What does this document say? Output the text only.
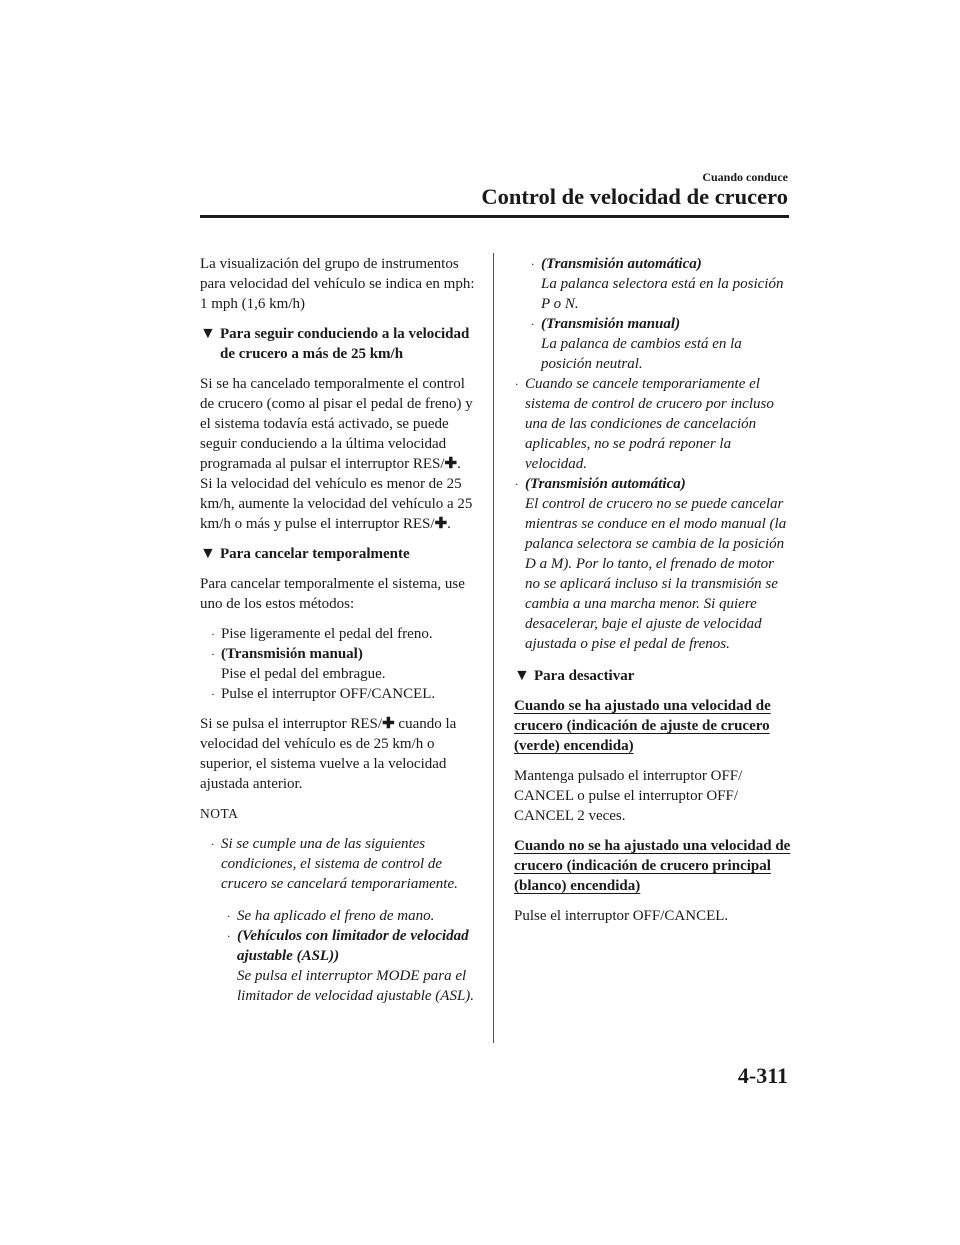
Cuando conduce
Control de velocidad de crucero

La visualización del grupo de instrumentos para velocidad del vehículo se indica en mph: 1 mph (1,6 km/h)

▼ Para seguir conduciendo a la velocidad de crucero a más de 25 km/h

Si se ha cancelado temporalmente el control de crucero (como al pisar el pedal de freno) y el sistema todavía está activado, se puede seguir conduciendo a la última velocidad programada al pulsar el interruptor RES/✚.
Si la velocidad del vehículo es menor de 25 km/h, aumente la velocidad del vehículo a 25 km/h o más y pulse el interruptor RES/✚.

▼ Para cancelar temporalmente

Para cancelar temporalmente el sistema, use uno de los estos métodos:

· Pise ligeramente el pedal del freno.
· (Transmisión manual)
Pise el pedal del embrague.
· Pulse el interruptor OFF/CANCEL.

Si se pulsa el interruptor RES/✚ cuando la velocidad del vehículo es de 25 km/h o superior, el sistema vuelve a la velocidad ajustada anterior.

NOTA
· Si se cumple una de las siguientes condiciones, el sistema de control de crucero se cancelará temporariamente.
· Se ha aplicado el freno de mano.
· (Vehículos con limitador de velocidad ajustable (ASL))
Se pulsa el interruptor MODE para el limitador de velocidad ajustable (ASL).
· (Transmisión automática)
La palanca selectora está en la posición P o N.
· (Transmisión manual)
La palanca de cambios está en la posición neutral.
· Cuando se cancele temporariamente el sistema de control de crucero por incluso una de las condiciones de cancelación aplicables, no se podrá reponer la velocidad.
· (Transmisión automática)
El control de crucero no se puede cancelar mientras se conduce en el modo manual (la palanca selectora se cambia de la posición D a M). Por lo tanto, el frenado de motor no se aplicará incluso si la transmisión se cambia a una marcha menor. Si quiere desacelerar, baje el ajuste de velocidad ajustada o pise el pedal de frenos.
▼ Para desactivar

Cuando se ha ajustado una velocidad de crucero (indicación de ajuste de crucero (verde) encendida)

Mantenga pulsado el interruptor OFF/ CANCEL o pulse el interruptor OFF/ CANCEL 2 veces.

Cuando no se ha ajustado una velocidad de crucero (indicación de crucero principal (blanco) encendida)

Pulse el interruptor OFF/CANCEL.

4-311
